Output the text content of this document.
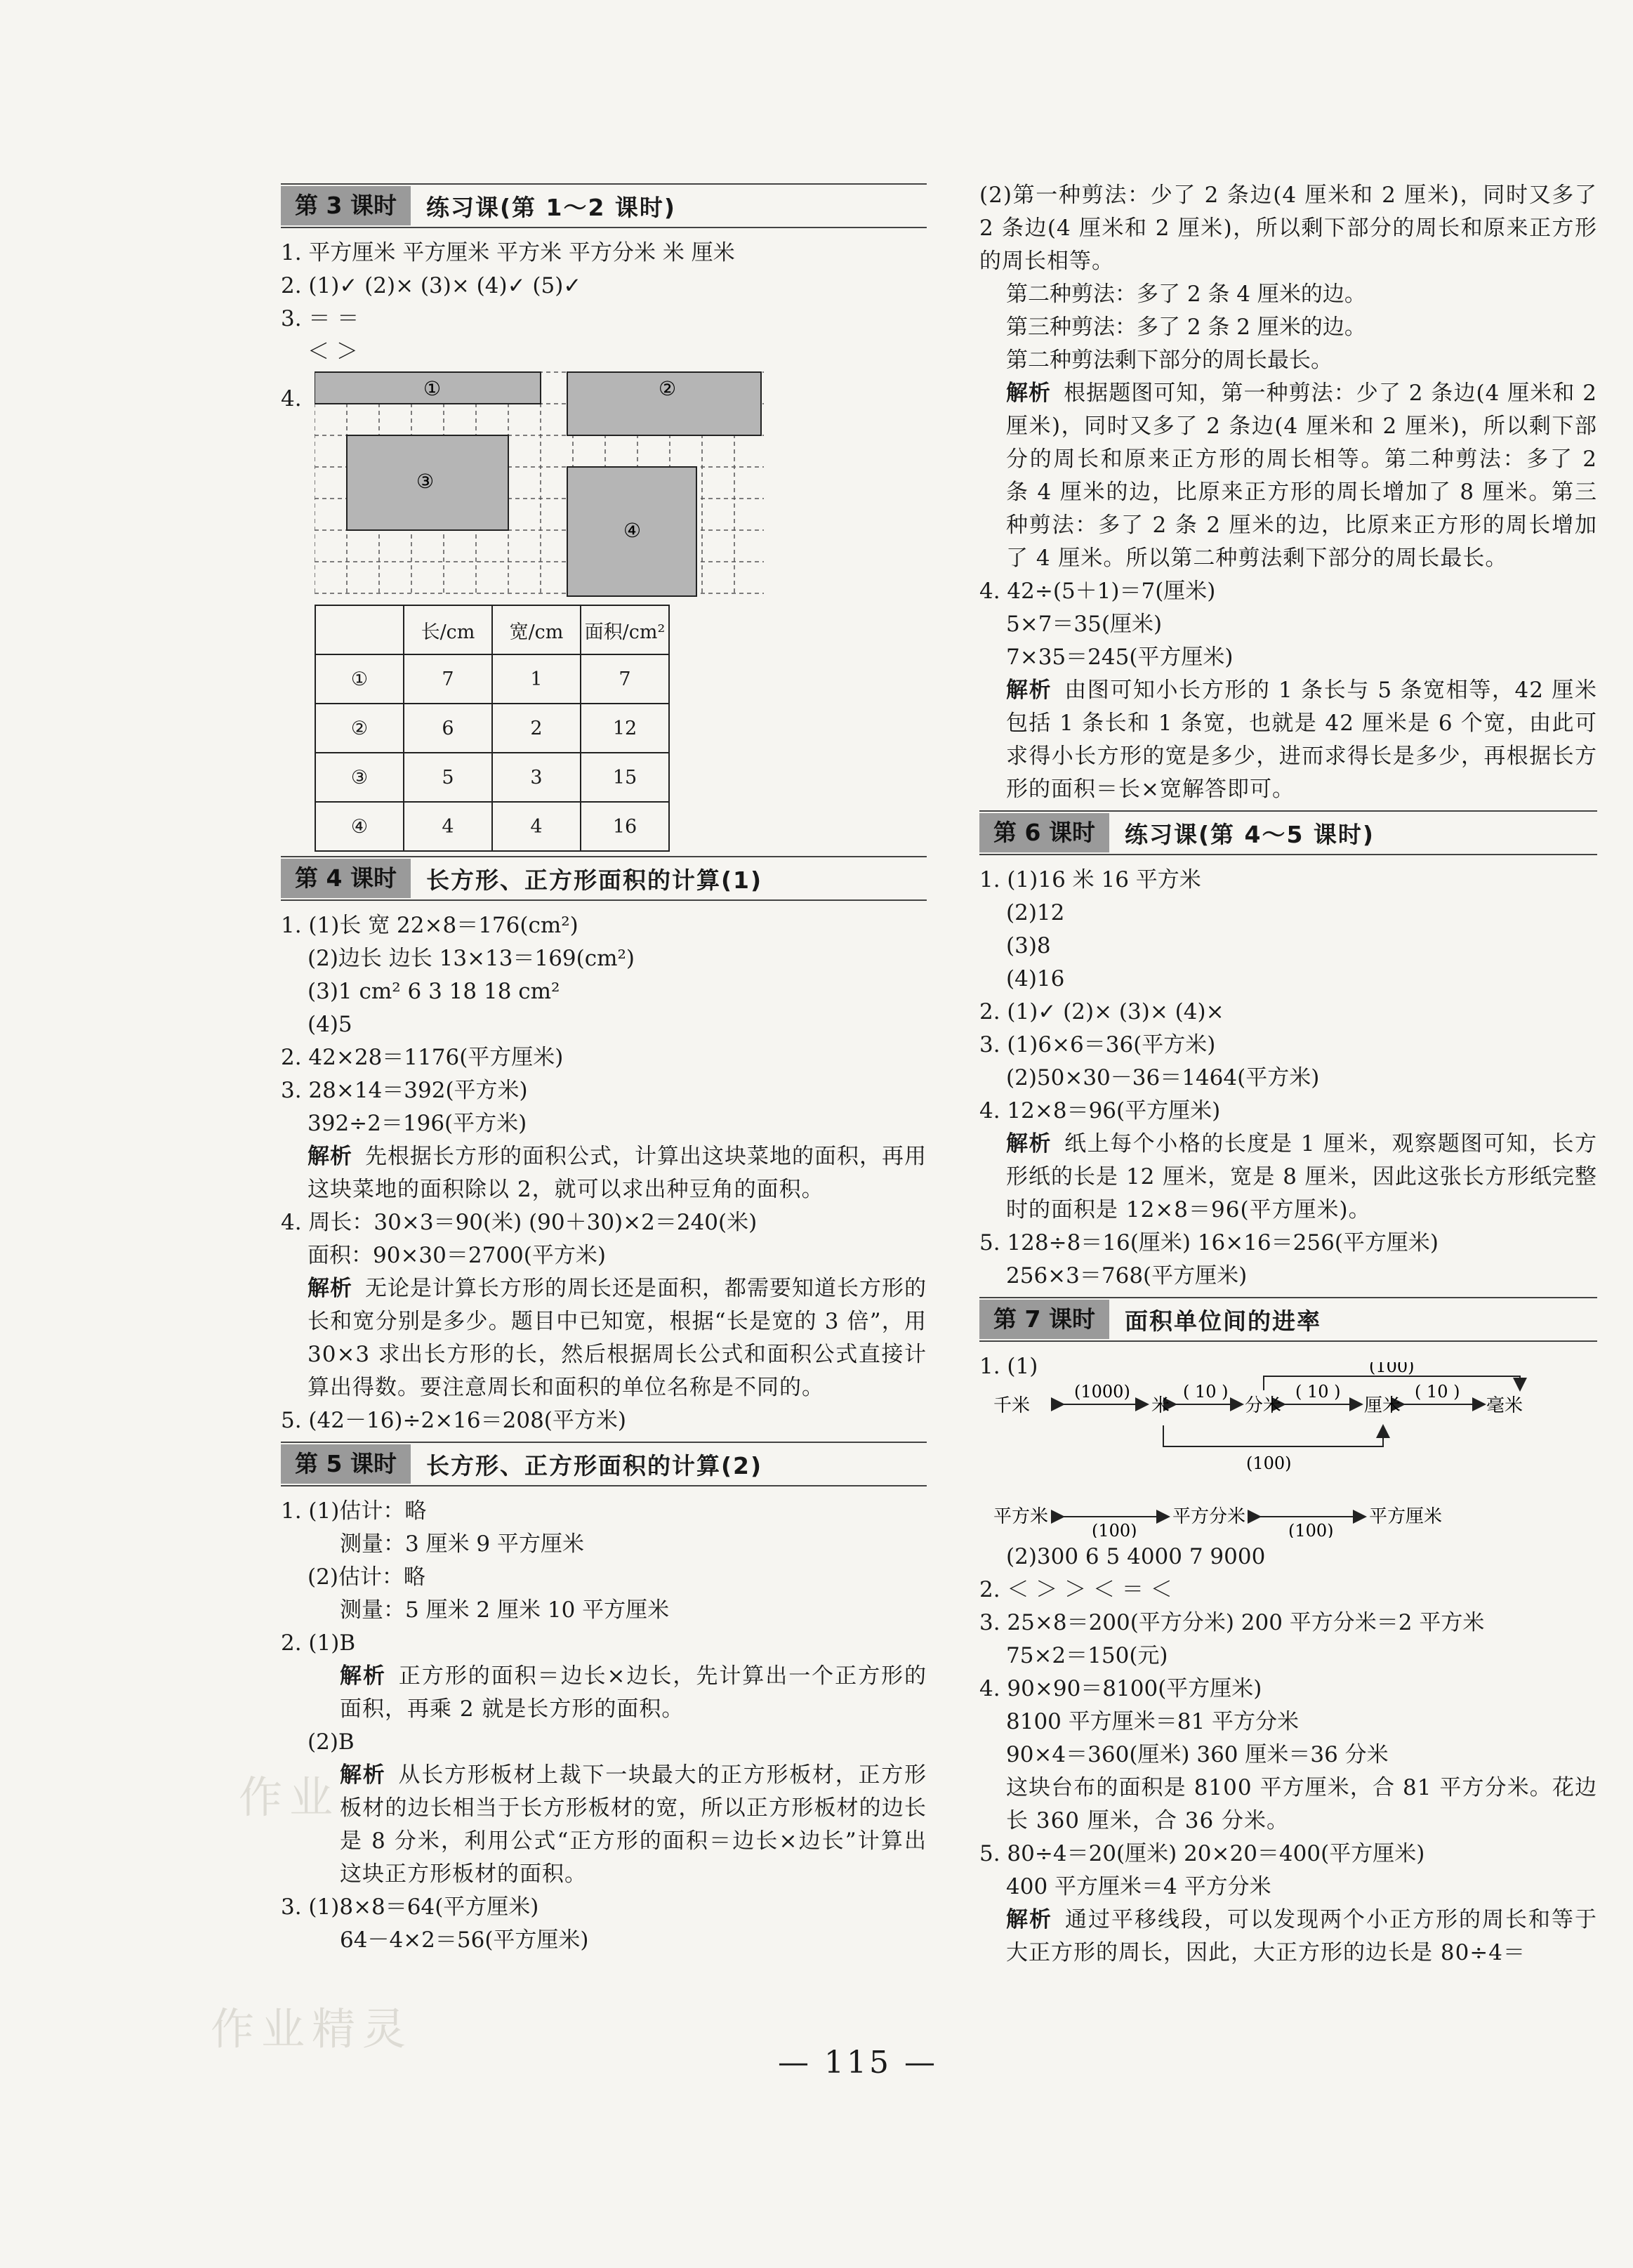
作业精灵
作业
第 3 课时	练习课(第 1～2 课时)
1. 平方厘米 平方厘米 平方米 平方分米 米 厘米
2. (1)✓ (2)× (3)× (4)✓ (5)✓
3. ＝ ＝
＜ ＞
4.	①	②
③
④
	长/cm	宽/cm	面积/cm²
①	7	1	7
②	6	2	12
③	5	3	15
④	4	4	16
第 4 课时	长方形、正方形面积的计算(1)
1. (1)长 宽 22×8＝176(cm²)
(2)边长 边长 13×13＝169(cm²)
(3)1 cm² 6 3 18 18 cm²
(4)5
2. 42×28＝1176(平方厘米)
3. 28×14＝392(平方米)
392÷2＝196(平方米)
解析 先根据长方形的面积公式，计算出这块菜地的面积，再用这块菜地的面积除以 2，就可以求出种豆角的面积。
4. 周长：30×3＝90(米) (90＋30)×2＝240(米)
面积：90×30＝2700(平方米)
解析 无论是计算长方形的周长还是面积，都需要知道长方形的长和宽分别是多少。题目中已知宽，根据“长是宽的 3 倍”，用 30×3 求出长方形的长，然后根据周长公式和面积公式直接计算出得数。要注意周长和面积的单位名称是不同的。
5. (42－16)÷2×16＝208(平方米)
第 5 课时	长方形、正方形面积的计算(2)
1. (1)估计：略
测量：3 厘米 9 平方厘米
(2)估计：略
测量：5 厘米 2 厘米 10 平方厘米
2. (1)B
解析 正方形的面积＝边长×边长，先计算出一个正方形的面积，再乘 2 就是长方形的面积。
(2)B
解析 从长方形板材上裁下一块最大的正方形板材，正方形板材的边长相当于长方形板材的宽，所以正方形板材的边长是 8 分米，利用公式“正方形的面积＝边长×边长”计算出这块正方形板材的面积。
3. (1)8×8＝64(平方厘米)
64－4×2＝56(平方厘米)
(2)第一种剪法：少了 2 条边(4 厘米和 2 厘米)，同时又多了 2 条边(4 厘米和 2 厘米)，所以剩下部分的周长和原来正方形的周长相等。
第二种剪法：多了 2 条 4 厘米的边。
第三种剪法：多了 2 条 2 厘米的边。
第二种剪法剩下部分的周长最长。
解析 根据题图可知，第一种剪法：少了 2 条边(4 厘米和 2 厘米)，同时又多了 2 条边(4 厘米和 2 厘米)，所以剩下部分的周长和原来正方形的周长相等。第二种剪法：多了 2 条 4 厘米的边，比原来正方形的周长增加了 8 厘米。第三种剪法：多了 2 条 2 厘米的边，比原来正方形的周长增加了 4 厘米。所以第二种剪法剩下部分的周长最长。
4. 42÷(5＋1)＝7(厘米)
5×7＝35(厘米)
7×35＝245(平方厘米)
解析 由图可知小长方形的 1 条长与 5 条宽相等，42 厘米包括 1 条长和 1 条宽，也就是 42 厘米是 6 个宽，由此可求得小长方形的宽是多少，进而求得长是多少，再根据长方形的面积＝长×宽解答即可。
第 6 课时	练习课(第 4～5 课时)
1. (1)16 米 16 平方米
(2)12
(3)8
(4)16
2. (1)✓ (2)× (3)× (4)×
3. (1)6×6＝36(平方米)
(2)50×30－36＝1464(平方米)
4. 12×8＝96(平方厘米)
解析 纸上每个小格的长度是 1 厘米，观察题图可知，长方形纸的长是 12 厘米，宽是 8 厘米，因此这张长方形纸完整时的面积是 12×8＝96(平方厘米)。
5. 128÷8＝16(厘米) 16×16＝256(平方厘米)
256×3＝768(平方厘米)
第 7 课时	面积单位间的进率
1. (1)
千米	米	分米	厘米	毫米
(1000)	( 10 )	( 10 )	( 10 )
(100)
(100)
平方米	平方分米	平方厘米
(100)	(100)
(2)300 6 5 4000 7 9000
2. ＜ ＞ ＞ ＜ ＝ ＜
3. 25×8＝200(平方分米) 200 平方分米＝2 平方米
75×2＝150(元)
4. 90×90＝8100(平方厘米)
8100 平方厘米＝81 平方分米
90×4＝360(厘米) 360 厘米＝36 分米
这块台布的面积是 8100 平方厘米，合 81 平方分米。花边长 360 厘米，合 36 分米。
5. 80÷4＝20(厘米) 20×20＝400(平方厘米)
400 平方厘米＝4 平方分米
解析 通过平移线段，可以发现两个小正方形的周长和等于大正方形的周长，因此，大正方形的边长是 80÷4＝
— 115 —
